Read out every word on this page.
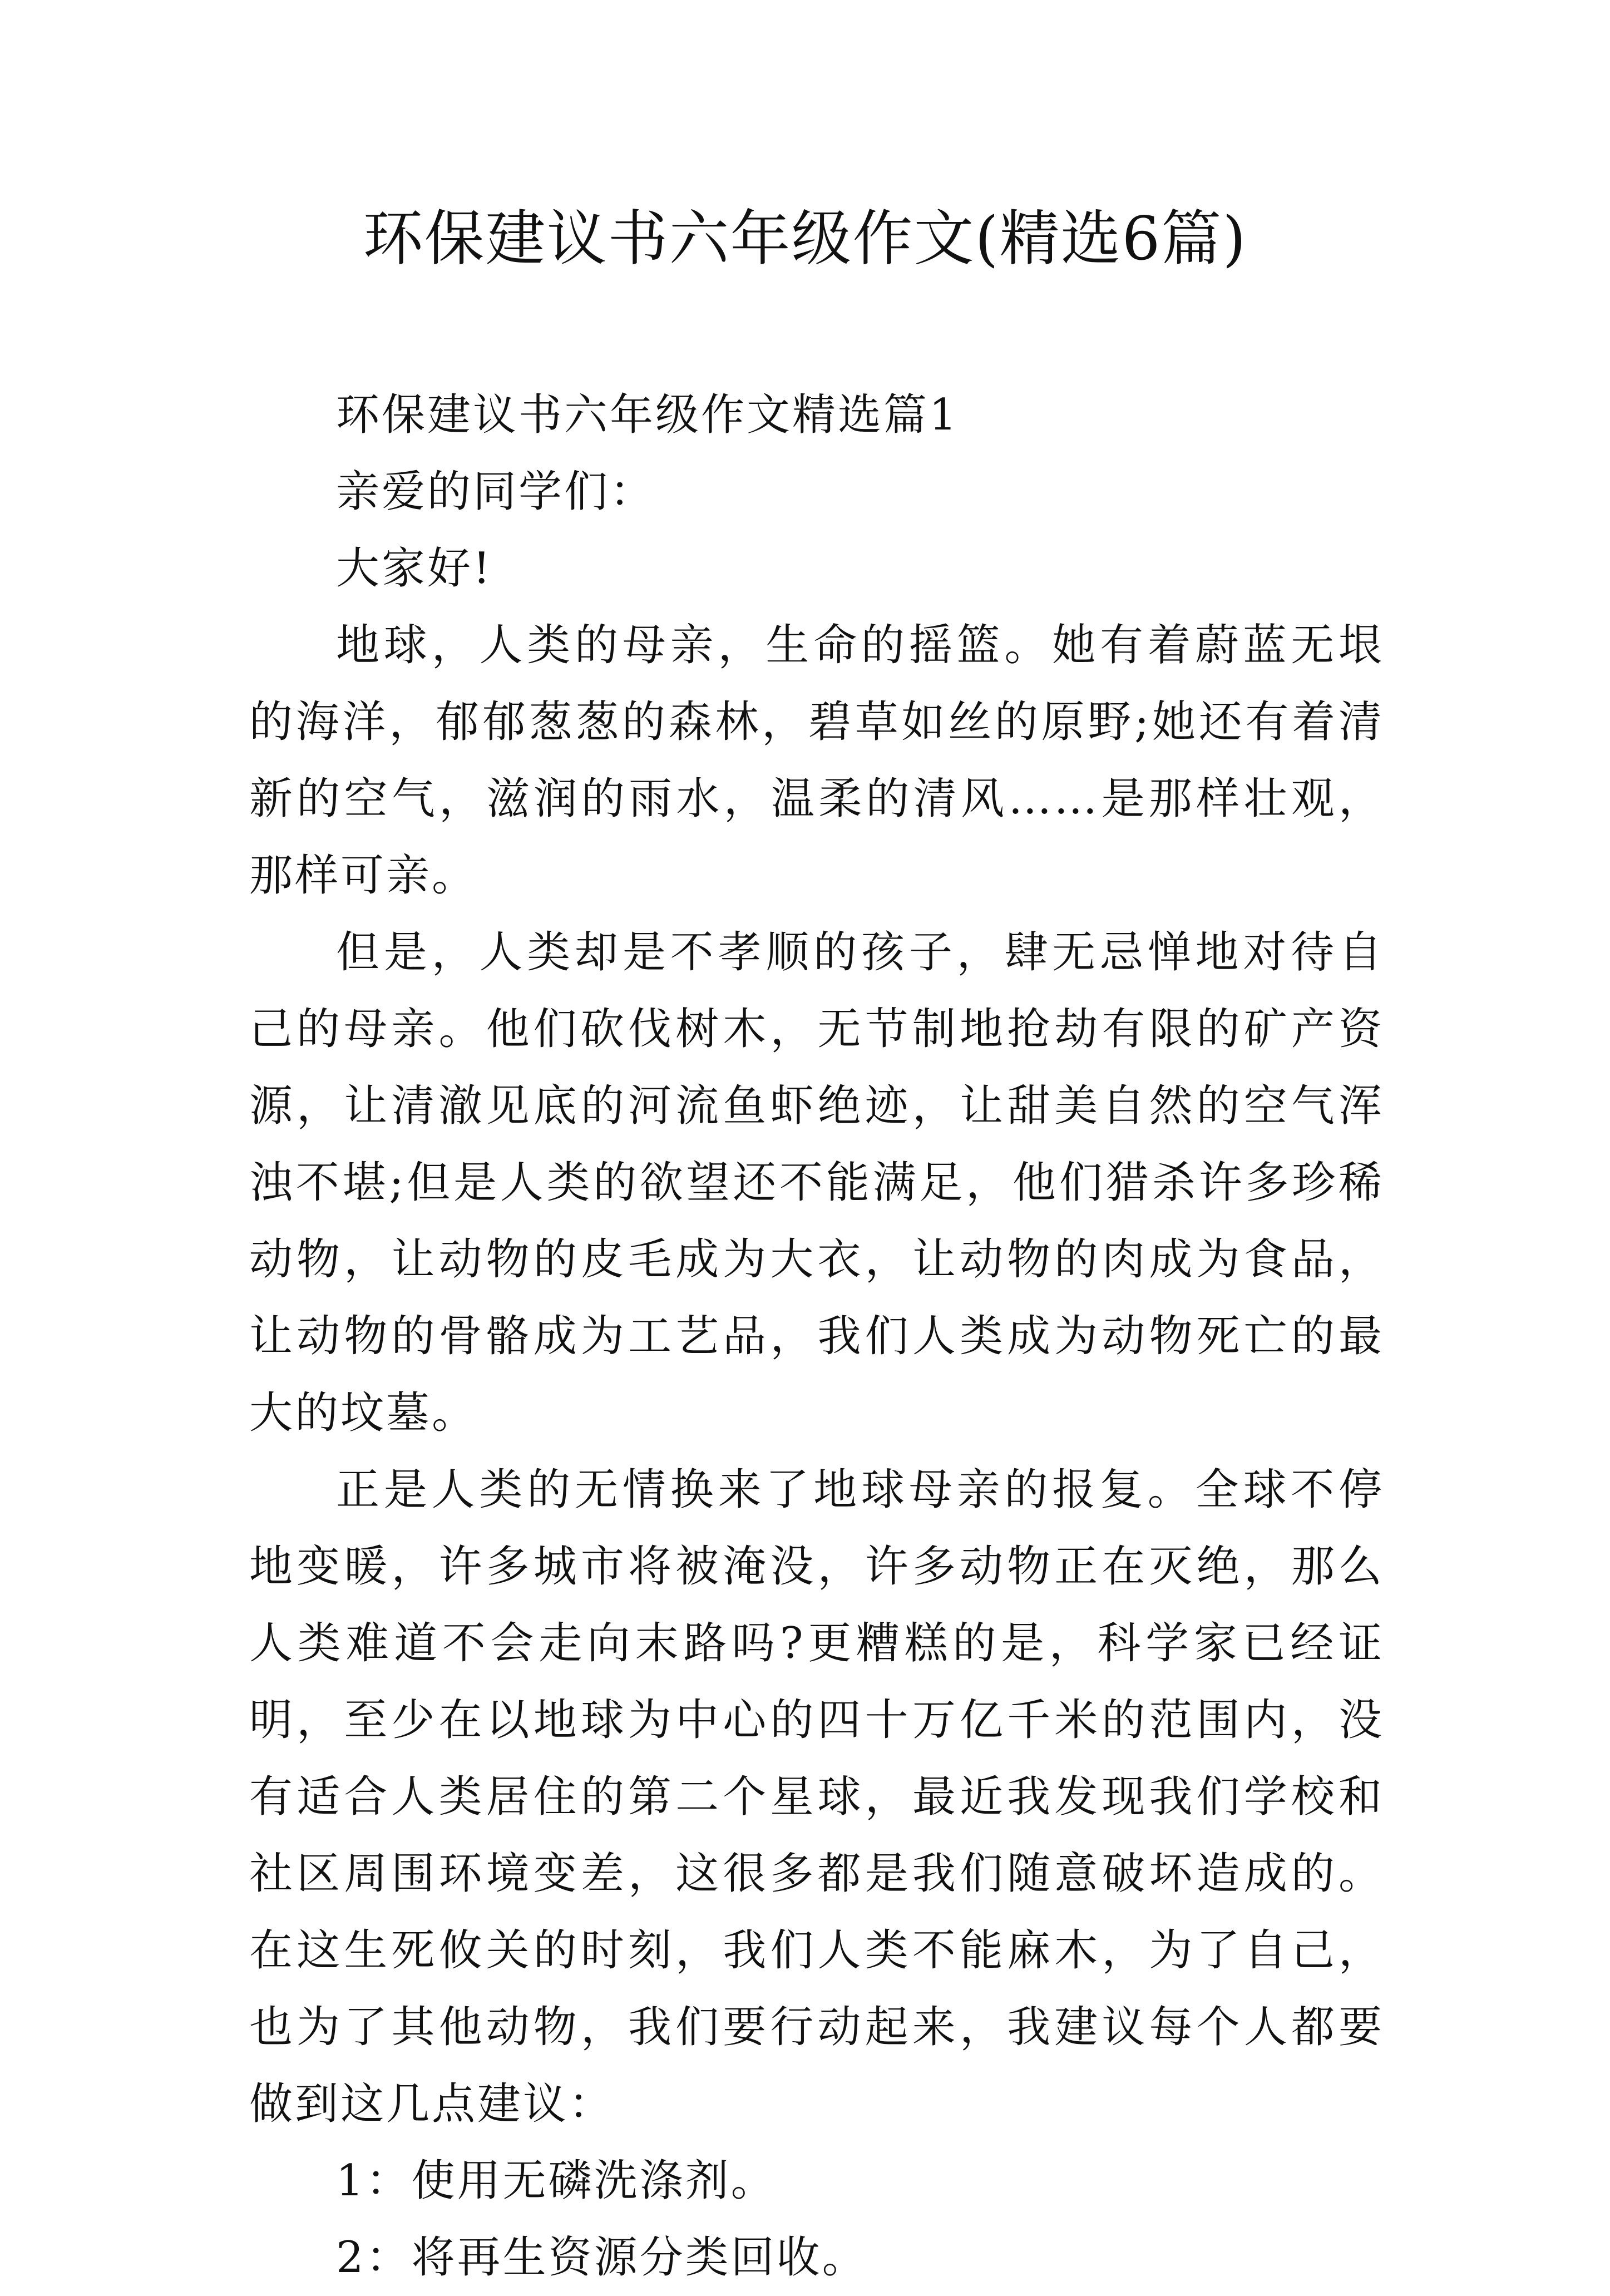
环保建议书六年级作文(精选6篇)

环保建议书六年级作文精选篇1

亲爱的同学们：

大家好!

地球，人类的母亲，生命的摇篮。她有着蔚蓝无垠的海洋，郁郁葱葱的森林，碧草如丝的原野;她还有着清新的空气，滋润的雨水，温柔的清风……是那样壮观，那样可亲。

但是，人类却是不孝顺的孩子，肆无忌惮地对待自己的母亲。他们砍伐树木，无节制地抢劫有限的矿产资源，让清澈见底的河流鱼虾绝迹，让甜美自然的空气浑浊不堪;但是人类的欲望还不能满足，他们猎杀许多珍稀动物，让动物的皮毛成为大衣，让动物的肉成为食品，让动物的骨骼成为工艺品，我们人类成为动物死亡的最大的坟墓。

正是人类的无情换来了地球母亲的报复。全球不停地变暖，许多城市将被淹没，许多动物正在灭绝，那么人类难道不会走向末路吗?更糟糕的是，科学家已经证明，至少在以地球为中心的四十万亿千米的范围内，没有适合人类居住的第二个星球，最近我发现我们学校和社区周围环境变差，这很多都是我们随意破坏造成的。在这生死攸关的时刻，我们人类不能麻木，为了自己，也为了其他动物，我们要行动起来，我建议每个人都要做到这几点建议：

1：使用无磷洗涤剂。

2：将再生资源分类回收。
